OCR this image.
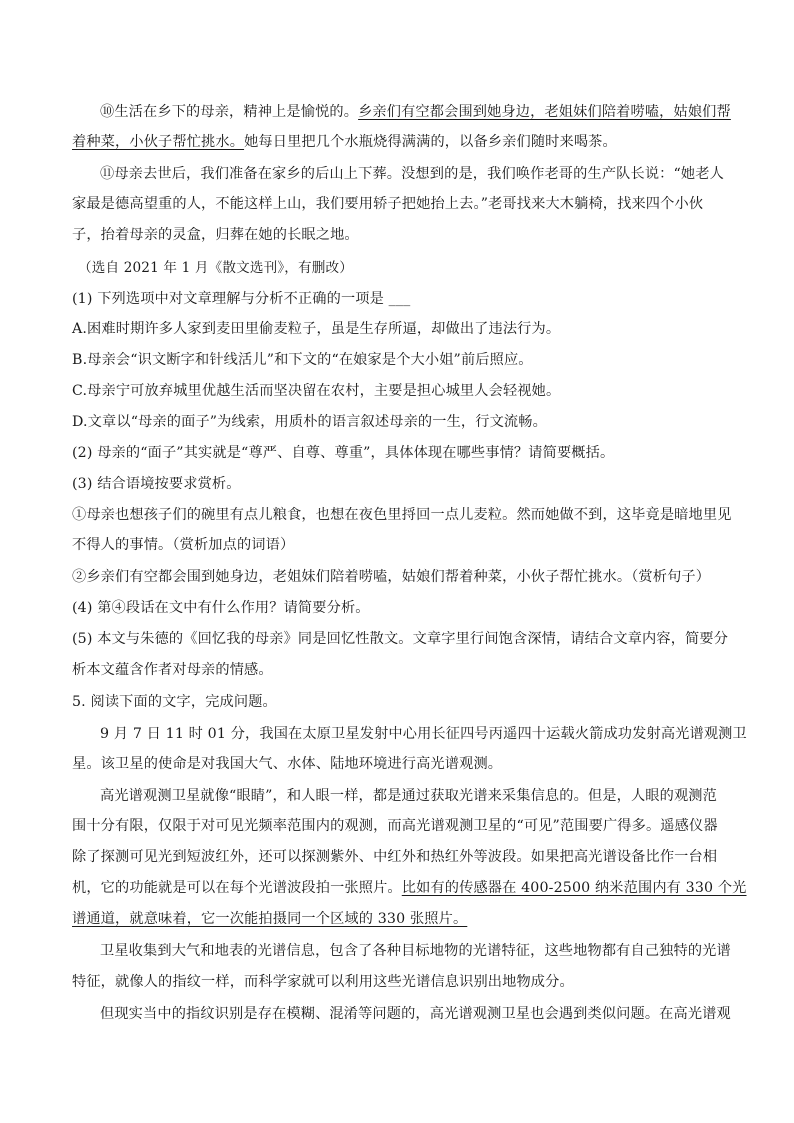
⑩生活在乡下的母亲，精神上是愉悦的。乡亲们有空都会围到她身边，老姐妹们陪着唠嗑，姑娘们帮
着种菜，小伙子帮忙挑水。她每日里把几个水瓶烧得满满的，以备乡亲们随时来喝茶。
⑪母亲去世后，我们准备在家乡的后山上下葬。没想到的是，我们唤作老哥的生产队长说：“她老人
家最是德高望重的人，不能这样上山，我们要用轿子把她抬上去。”老哥找来大木躺椅，找来四个小伙
子，抬着母亲的灵盒，归葬在她的长眠之地。
（选自 2021 年 1 月《散文选刊》，有删改）
(1) 下列选项中对文章理解与分析不正确的一项是 ___
A.困难时期许多人家到麦田里偷麦粒子，虽是生存所逼，却做出了违法行为。
B.母亲会“识文断字和针线活儿”和下文的“在娘家是个大小姐”前后照应。
C.母亲宁可放弃城里优越生活而坚决留在农村，主要是担心城里人会轻视她。
D.文章以“母亲的面子”为线索，用质朴的语言叙述母亲的一生，行文流畅。
(2) 母亲的“面子”其实就是“尊严、自尊、尊重”，具体体现在哪些事情？请简要概括。
(3) 结合语境按要求赏析。
①母亲也想孩子们的碗里有点儿粮食，也想在夜色里捋回一点儿麦粒。然而她做不到，这毕竟是暗地里见
不得人的事情。（赏析加点的词语）
②乡亲们有空都会围到她身边，老姐妹们陪着唠嗑，姑娘们帮着种菜，小伙子帮忙挑水。（赏析句子）
(4) 第④段话在文中有什么作用？请简要分析。
(5) 本文与朱德的《回忆我的母亲》同是回忆性散文。文章字里行间饱含深情，请结合文章内容，简要分
析本文蕴含作者对母亲的情感。
5. 阅读下面的文字，完成问题。
9 月 7 日 11 时 01 分，我国在太原卫星发射中心用长征四号丙遥四十运载火箭成功发射高光谱观测卫
星。该卫星的使命是对我国大气、水体、陆地环境进行高光谱观测。
高光谱观测卫星就像“眼睛”，和人眼一样，都是通过获取光谱来采集信息的。但是，人眼的观测范
围十分有限，仅限于对可见光频率范围内的观测，而高光谱观测卫星的“可见”范围要广得多。遥感仪器
除了探测可见光到短波红外，还可以探测紫外、中红外和热红外等波段。如果把高光谱设备比作一台相
机，它的功能就是可以在每个光谱波段拍一张照片。比如有的传感器在 400-2500 纳米范围内有 330 个光
谱通道，就意味着，它一次能拍摄同一个区域的 330 张照片。
卫星收集到大气和地表的光谱信息，包含了各种目标地物的光谱特征，这些地物都有自己独特的光谱
特征，就像人的指纹一样，而科学家就可以利用这些光谱信息识别出地物成分。
但现实当中的指纹识别是存在模糊、混淆等问题的，高光谱观测卫星也会遇到类似问题。在高光谱观
